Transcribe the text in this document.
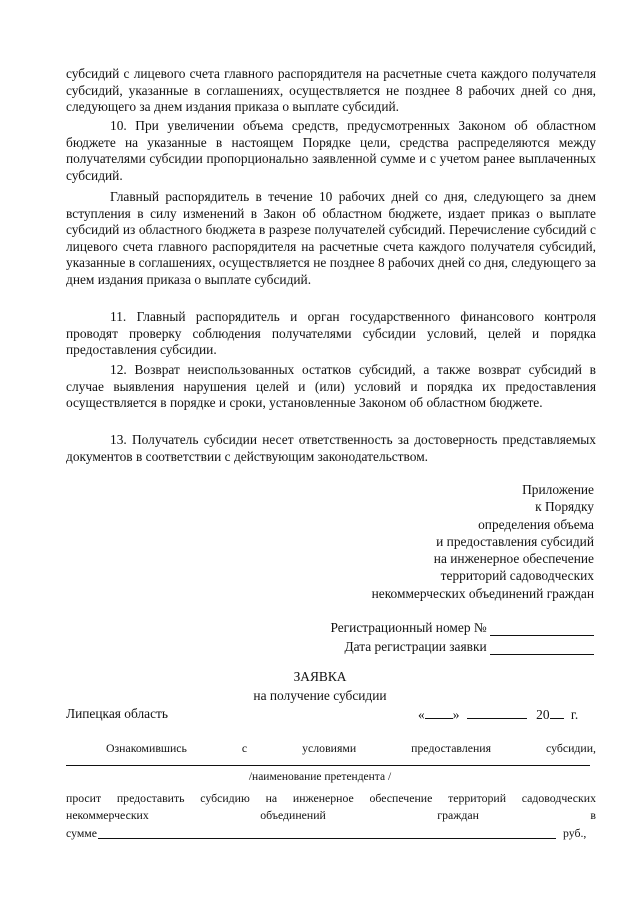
субсидий с лицевого счета главного распорядителя на расчетные счета каждого получателя субсидий, указанные в соглашениях, осуществляется не позднее 8 рабочих дней со дня, следующего за днем издания приказа о выплате субсидий.

10. При увеличении объема средств, предусмотренных Законом об областном бюджете на указанные в настоящем Порядке цели, средства распределяются между получателями субсидии пропорционально заявленной сумме и с учетом ранее выплаченных субсидий.

Главный распорядитель в течение 10 рабочих дней со дня, следующего за днем вступления в силу изменений в Закон об областном бюджете, издает приказ о выплате субсидий из областного бюджета в разрезе получателей субсидий. Перечисление субсидий с лицевого счета главного распорядителя на расчетные счета каждого получателя субсидий, указанные в соглашениях, осуществляется не позднее 8 рабочих дней со дня, следующего за днем издания приказа о выплате субсидий.

11. Главный распорядитель и орган государственного финансового контроля проводят проверку соблюдения получателями субсидии условий, целей и порядка предоставления субсидии.

12. Возврат неиспользованных остатков субсидий, а также возврат субсидий в случае выявления нарушения целей и (или) условий и порядка их предоставления осуществляется в порядке и сроки, установленные Законом об областном бюджете.

13. Получатель субсидии несет ответственность за достоверность представляемых документов в соответствии с действующим законодательством.

Приложение
к Порядку
определения объема
и предоставления субсидий
на инженерное обеспечение
территорий садоводческих
некоммерческих объединений граждан
Регистрационный номер №
Дата регистрации заявки
ЗАЯВКА
на получение субсидии
Липецкая область	« »	20 г.
Ознакомившись	с	условиями	предоставления	субсидии,
/наименование претендента /
просит предоставить субсидию на инженерное обеспечение территорий садоводческих
некоммерческих	объединений	граждан	в
сумме	руб.,
